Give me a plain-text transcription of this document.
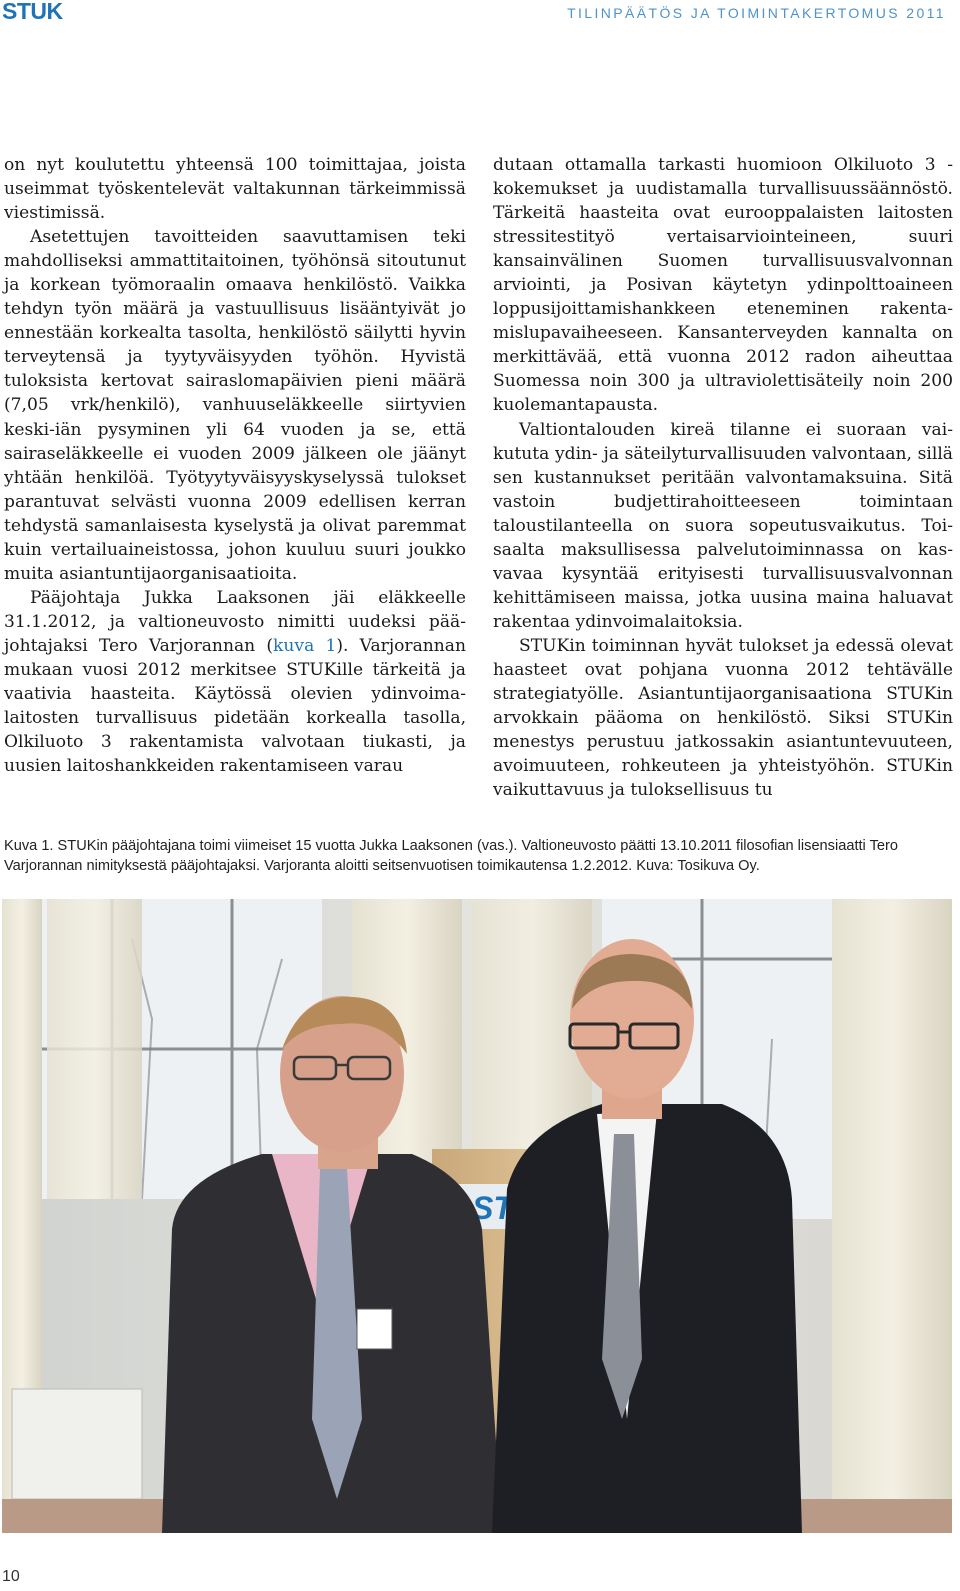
STUK	TILINPÄÄTÖS JA TOIMINTAKERTOMUS 2011

on nyt koulutettu yhteensä 100 toimittajaa, joista useimmat työskentelevät valtakunnan tärkeimmissä viestimissä.

Asetettujen tavoitteiden saavuttamisen teki mahdolliseksi ammattitaitoinen, työhönsä sitoutunut ja korkean työmoraalin omaava henkilöstö. Vaikka tehdyn työn määrä ja vastuullisuus lisääntyivät jo ennestään korkealta tasolta, henkilöstö säilytti hyvin terveytensä ja tyytyväisyyden työhön. Hyvistä tuloksista kertovat sairaslomapäivien pieni määrä (7,05 vrk/henkilö), vanhuuseläkkeelle siirtyvien keski-iän pysyminen yli 64 vuoden ja se, että sairaseläkkeelle ei vuoden 2009 jälkeen ole jäänyt yhtään henkilöä. Työtyytyväisyyskyselyssä tulokset parantuvat selvästi vuonna 2009 edellisen kerran tehdystä samanlaisesta kyselystä ja olivat paremmat kuin vertailuaineistossa, johon kuuluu suuri joukko muita asiantuntijaorganisaatioita.

Pääjohtaja Jukka Laaksonen jäi eläkkeelle 31.1.2012, ja valtioneuvosto nimitti uudeksi pääjohtajaksi Tero Varjorannan (kuva 1). Varjorannan mukaan vuosi 2012 merkitsee STUKille tärkeitä ja vaativia haasteita. Käytössä olevien ydinvoimalaitosten turvallisuus pidetään korkealla tasolla, Olkiluoto 3 rakentamista valvotaan tiukasti, ja uusien laitoshankkeiden rakentamiseen varau

dutaan ottamalla tarkasti huomioon Olkiluoto 3 -kokemukset ja uudistamalla turvallisuussäännöstö. Tärkeitä haasteita ovat eurooppalaisten laitosten stressitestityö vertaisarviointeineen, suuri kansainvälinen Suomen turvallisuusvalvonnan arviointi, ja Posivan käytetyn ydinpolttoaineen loppusijoittamishankkeen eteneminen rakentamislupavaiheeseen. Kansanterveyden kannalta on merkittävää, että vuonna 2012 radon aiheuttaa Suomessa noin 300 ja ultraviolettisäteily noin 200 kuolemantapausta.

Valtiontalouden kireä tilanne ei suoraan vaikututa ydin- ja säteilyturvallisuuden valvontaan, sillä sen kustannukset peritään valvontamaksuina. Sitä vastoin budjettirahoitteeseen toimintaan taloustilanteella on suora sopeutusvaikutus. Toisaalta maksullisessa palvelutoiminnassa on kasvavaa kysyntää erityisesti turvallisuusvalvonnan kehittämiseen maissa, jotka uusina maina haluavat rakentaa ydinvoimalaitoksia.

STUKin toiminnan hyvät tulokset ja edessä olevat haasteet ovat pohjana vuonna 2012 tehtävälle strategiatyölle. Asiantuntijaorganisaationa STUKin arvokkain pääoma on henkilöstö. Siksi STUKin menestys perustuu jatkossakin asiantuntevuuteen, avoimuuteen, rohkeuteen ja yhteistyöhön. STUKin vaikuttavuus ja tuloksellisuus tu

Kuva 1. STUKin pääjohtajana toimi viimeiset 15 vuotta Jukka Laaksonen (vas.). Valtioneuvosto päätti 13.10.2011 filosofian lisensiaatti Tero Varjorannan nimityksestä pääjohtajaksi. Varjoranta aloitti seitsenvuotisen toimikautensa 1.2.2012. Kuva: Tosikuva Oy.
10
